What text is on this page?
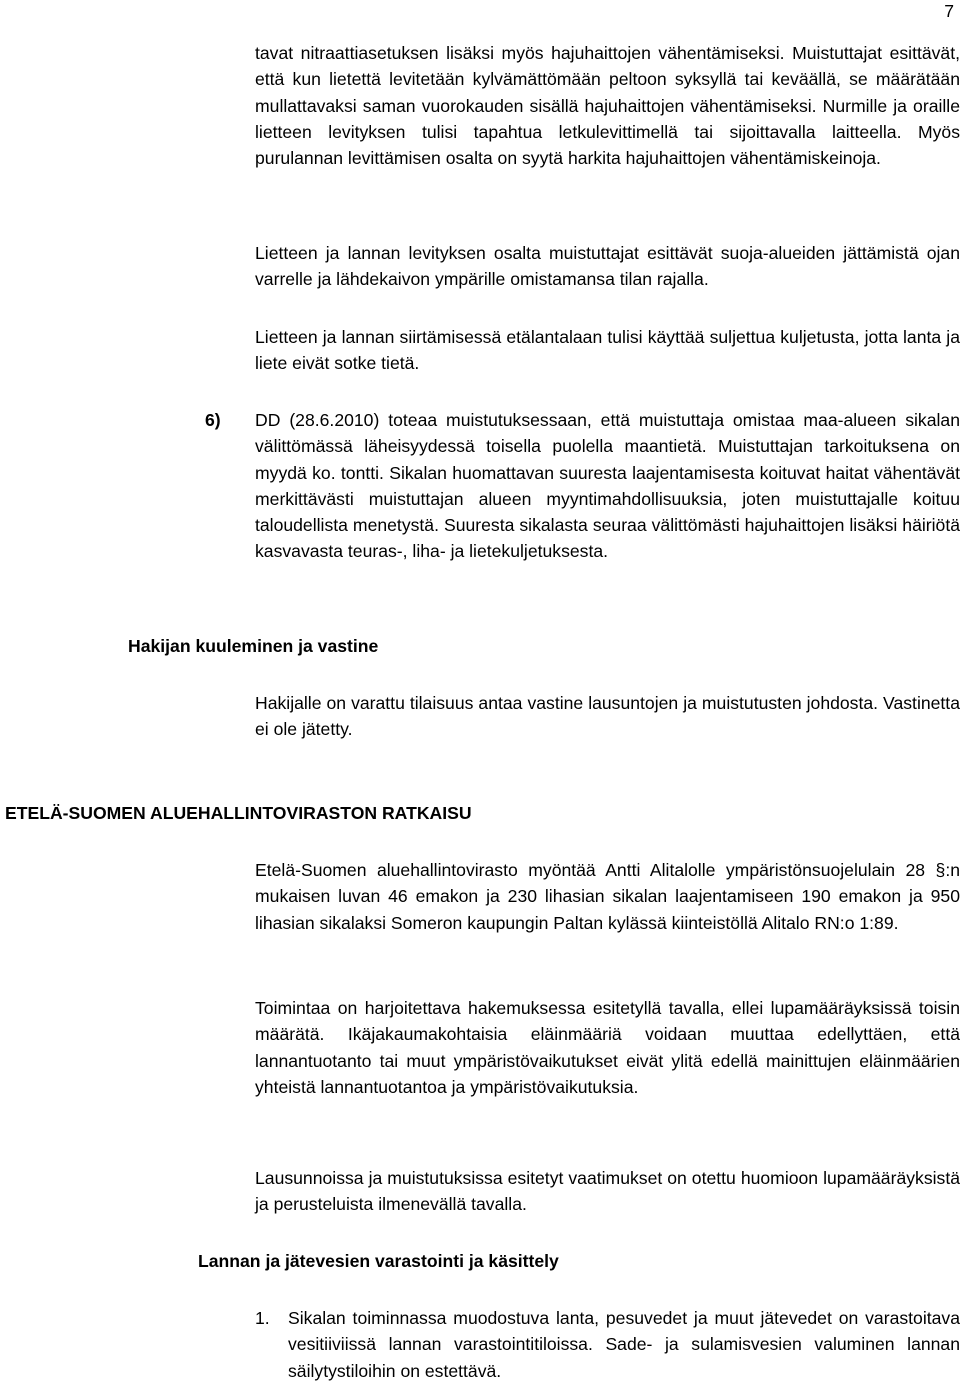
7

tavat nitraattiasetuksen lisäksi myös hajuhaittojen vähentämiseksi. Muistuttajat esittävät, että kun lietettä levitetään kylvämättömään peltoon syksyllä tai keväällä, se määrätään mullattavaksi saman vuorokauden sisällä hajuhaittojen vähentämiseksi. Nurmille ja oraille lietteen levityksen tulisi tapahtua letkulevittimellä tai sijoittavalla laitteella. Myös purulannan levittämisen osalta on syytä harkita hajuhaittojen vähentämiskeinoja.

Lietteen ja lannan levityksen osalta muistuttajat esittävät suoja-alueiden jättämistä ojan varrelle ja lähdekaivon ympärille omistamansa tilan rajalla.

Lietteen ja lannan siirtämisessä etälantalaan tulisi käyttää suljettua kuljetusta, jotta lanta ja liete eivät sotke tietä.

6) DD (28.6.2010) toteaa muistutuksessaan, että muistuttaja omistaa maa-alueen sikalan välittömässä läheisyydessä toisella puolella maantietä. Muistuttajan tarkoituksena on myydä ko. tontti. Sikalan huomattavan suuresta laajentamisesta koituvat haitat vähentävät merkittävästi muistuttajan alueen myyntimahdollisuuksia, joten muistuttajalle koituu taloudellista menetystä. Suuresta sikalasta seuraa välittömästi hajuhaittojen lisäksi häiriötä kasvavasta teuras-, liha- ja lietekuljetuksesta.

Hakijan kuuleminen ja vastine

Hakijalle on varattu tilaisuus antaa vastine lausuntojen ja muistutusten johdosta. Vastinetta ei ole jätetty.

ETELÄ-SUOMEN ALUEHALLINTOVIRASTON RATKAISU

Etelä-Suomen aluehallintovirasto myöntää Antti Alitalolle ympäristönsuojelulain 28 §:n mukaisen luvan 46 emakon ja 230 lihasian sikalan laajentamiseen 190 emakon ja 950 lihasian sikalaksi Someron kaupungin Paltan kylässä kiinteistöllä Alitalo RN:o 1:89.

Toimintaa on harjoitettava hakemuksessa esitetyllä tavalla, ellei lupamääräyksissä toisin määrätä. Ikäjakaumakohtaisia eläinmääriä voidaan muuttaa edellyttäen, että lannantuotanto tai muut ympäristövaikutukset eivät ylitä edellä mainittujen eläinmäärien yhteistä lannantuotantoa ja ympäristövaikutuksia.

Lausunnoissa ja muistutuksissa esitetyt vaatimukset on otettu huomioon lupamääräyksistä ja perusteluista ilmenevällä tavalla.

Lannan ja jätevesien varastointi ja käsittely
1. Sikalan toiminnassa muodostuva lanta, pesuvedet ja muut jätevedet on varastoitava vesitiiviissä lannan varastointitiloissa. Sade- ja sulamisvesien valuminen lannan säilytystiloihin on estettävä.
